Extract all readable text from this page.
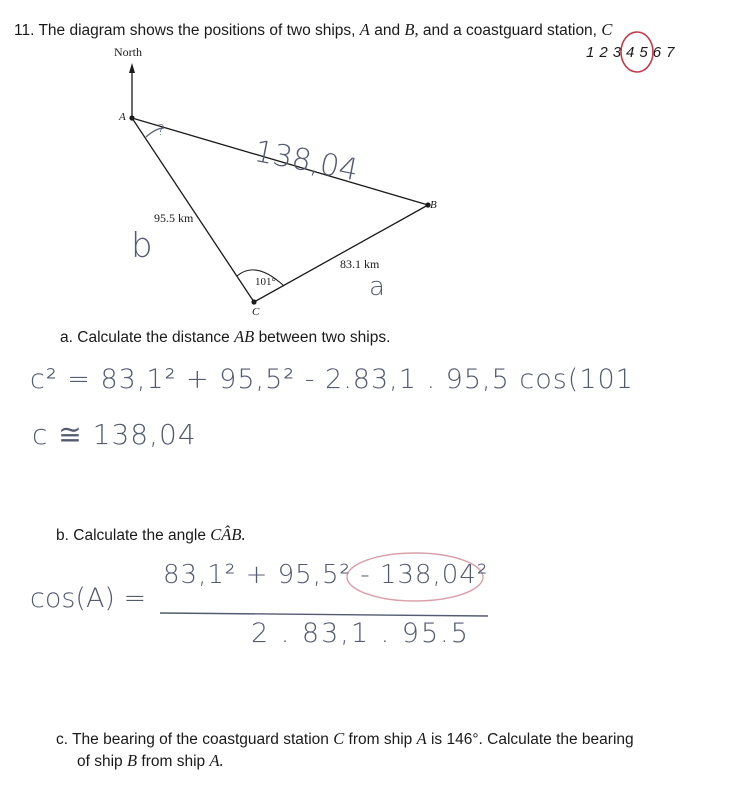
11. The diagram shows the positions of two ships, A and B, and a coastguard station, C
1234567
North
A
B
C
95.5 km
83.1 km
101°
138,04
?
b
a
a. Calculate the distance AB between two ships.
c² = 83,1² + 95,5² - 2.83,1 . 95,5 cos(101
c ≅ 138,04
b. Calculate the angle CÂB.
cos(A) =
83,1² + 95,5² - 138,04²
2 . 83,1 . 95.5
c. The bearing of the coastguard station C from ship A is 146°. Calculate the bearing
of ship B from ship A.
